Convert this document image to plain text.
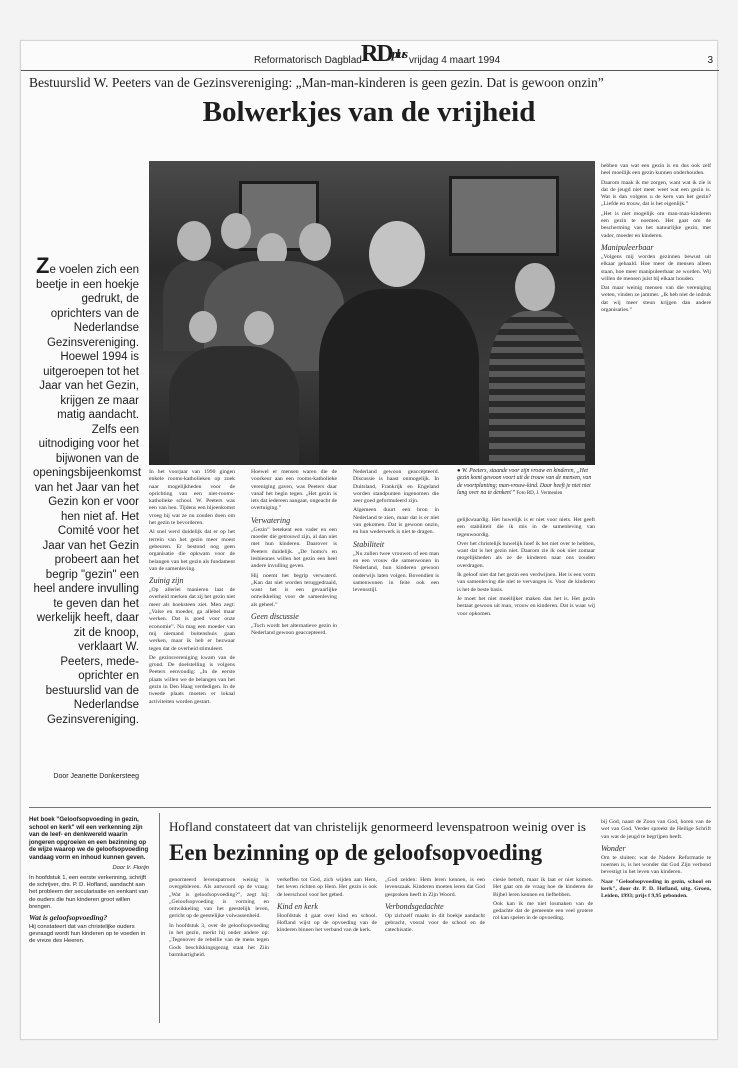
Reformatorisch Dagblad RDplus vrijdag 4 maart 1994	3
Bestuurslid W. Peeters van de Gezinsvereniging: „Man-man-kinderen is geen gezin. Dat is gewoon onzin”
Bolwerkjes van de vrijheid
Ze voelen zich een beetje in een hoekje gedrukt, de oprichters van de Nederlandse Gezinsvereniging. Hoewel 1994 is uitgeroepen tot het Jaar van het Gezin, krijgen ze maar matig aandacht. Zelfs een uitnodiging voor het bijwonen van de openingsbijeenkomst van het Jaar van het Gezin kon er voor hen niet af. Het Comité voor het Jaar van het Gezin probeert aan het begrip "gezin" een heel andere invulling te geven dan het werkelijk heeft, daar zit de knoop, verklaart W. Peeters, mede-oprichter en bestuurslid van de Nederlandse Gezinsvereniging.
Door Jeanette Donkersteeg

In het voorjaar van 1990 gingen enkele rooms-katholieken op zoek naar mogelijkheden voor de oprichting van een niet-rooms-katholieke school. W. Peeters was een van hen. Tijdens een bijeenkomst vroeg hij wat ze nu zouden doen om het gezin te bevorderen.

Al snel werd duidelijk dat er op het terrein van het gezin meer moest gebeuren. Er bestond nog geen organisatie die opkwam voor de belangen van het gezin als fundament van de samenleving.

Zuinig zijn

„Op allerlei manieren laat de overheid merken dat zij het gezin niet meer als hoeksteen ziet. Men zegt: „Valse en moeder, ga allebei maar werken. Dat is goed voor onze economie”. Na mag een moeder van mij niemand buitenshuis gaan werken, maar ik heb er bezwaar tegen dat de overheid stimuleert.

De gezinsvereniging kwam van de grond. De doelstelling is volgens Peeters eenvoudig: „In de eerste plaats willen we de belangen van het gezin in Den Haag verdedigen. In de tweede plaats moeten er lokaal activiteiten worden gestart.

Hoewel er mensen waren die de voorkeur aan een rooms-katholieke vereniging gaven, was Peeters daar vanaf het begin tegen. „Het gezin is iets dat iedereen aangaat, ongeacht de overtuiging.”

Verwatering

„Gezin” betekent een vader en een moeder die getrouwd zijn, al dan niet met hun kinderen. Daarover is Peeters duidelijk. „De homo's en lesbiennes willen het gezin een heel andere invulling geven.

Hij noemt het begrip verwaterd. „Kan dat niet worden teruggedraaid, want het is een gevaarlijke ontwikkeling voor de samenleving als geheel.”

Geen discussie

„Toch wordt het alternatieve gezin in Nederland gewoon geaccepteerd.

Nederland gewoon geaccepteerd. Discussie is haast onmogelijk. In Duitsland, Frankrijk en Engeland worden standpunten ingenomen die zeer goed geformuleerd zijn.

Algemeen duurt een bron in Nederland te zien, maar dat is er niet van gekomen. Dat is gewoon onzin, en hun wederwerk is niet te dragen.

Stabiliteit

„Nu zullen twee vrouwen of een man en een vrouw die samenwonen in Nederland, hun kinderen gewoon onderwijs laten volgen. Bovendien is samenwonen in feite ook een levensstijl.

● W. Peeters, staande voor zijn vrouw en kinderen, „Het gezin komt gewoon voort uit de trouw van de mensen, van de voortplanting; man-vrouw-kind. Daar heeft je niet niet lang over na te denken!” Foto RD, J. Vermeulen

gelijkwaardig. Het huwelijk is er niet voor niets. Het geeft een stabiliteit die ik mis in de samenleving van tegenwoordig.

Over het christelijk huwelijk hoef ik het niet over te hebben, want dat is het gezin niet. Daarom zie ik ook niet zomaar mogelijkheden als ze de kinderen naar ons zouden overdragen.

Ik geloof niet dat het gezin een verdwijnen. Het is een vorm van samenleving die niet te vervangen is. Voor de kinderen is het de beste basis.

Je moet het niet moeilijker maken dan het is. Het gezin bestaat gewoon uit man, vrouw en kinderen. Dat is waar wij voor opkomen.

hebben van wat een gezin is en dus ook zelf heel moeilijk een gezin kunnen onderhouden.

Daarom maak ik me zorgen, want wat ik zie is dat de jeugd niet meer weet wat een gezin is. Wat is dan volgens u de kern van het gezin? „Liefde en trouw, dat is het eigenlijk.”

„Het is niet mogelijk om man-man-kinderen een gezin te noemen. Het gaat om de bescherming van het natuurlijke gezin, met vader, moeder en kinderen.

Manipuleerbaar

„Volgens mij worden gezinnen bewust uit elkaar gehaald. Hoe meer de mensen alleen staan, hoe meer manipuleerbaar ze worden. Wij willen de mensen juist bij elkaar houden.

Dat maar weinig mensen van die vereniging weten, vinden ze jammer. „Ik heb niet de indruk dat wij meer steun krijgen dan andere organisaties.”

Het boek "Geloofsopvoeding in gezin, school en kerk" wil een verkenning zijn van de leef- en denkwereld waarin jongeren opgroeien en een bezinning op de wijze waarop we de geloofsopvoeding vandaag vorm en inhoud kunnen geven.

Door Ir. Florijn

In hoofdstuk 1, een eerste verkenning, schrijft de schrijver, drs. P. D. Hofland, aandacht aan het probleem der secularisatie en eenkant van de ouders die hun kinderen groot willen brengen.

Wat is geloofsopvoeding?

Hij constateert dat van christelijke ouders gevraagd wordt hun kinderen op te voeden in de vreze des Heeren.

Hofland constateert dat van christelijk genormeerd levenspatroon weinig over is
Een bezinning op de geloofsopvoeding

genormeerd levenspatroon weinig is overgebleven. Als antwoord op de vraag: „Wat is geloofsopvoeding?”, zegt hij: „Geloofsopvoeding is vorming en ontwikkeling van het geestelijk leven, gericht op de geestelijke volwassenheid.

In hoofdstuk 3, over de geloofsopvoeding in het gezin, merkt hij onder andere op: „Tegenover de rebellie van de mens tegen Gods beschikkingsgezag staat het Ziin barmhartigheid.

verkeffen tot God, zich wijden aan Hem, het leven richten op Hem. Het gezin is ook de leerschool voor het gebed.

Kind en kerk

Hoofdstuk 4 gaat over kind en school. Hofland wijst op de opvoeding van de kinderen binnen het verband van de kerk.

„God zeiden: Hem leren kennen, is een levenszaak. Kinderen moeten leren dat God gesproken heeft in Zijn Woord.

Verbondsgedachte

Op zichzelf maakt in dit boekje aandacht gebracht, vooral voor de school en de catechisatie.

ciesie betreft, maar ik laat er niet komen. Het gaat om de vraag hoe de kinderen de Bijbel leren kennen en liefhebben.

Ook kan ik me niet losmaken van de gedachte dat de gemeente een veel grotere rol kan spelen in de opvoeding.

bij God, naast de Zoon van God, horen van de wet van God. Verder spreekt de Heilige Schrift van wat de jeugd te begrijpen heeft.

Wonder

Om te sluiten: wat de Nadere Reformatie te noemen is, is het wonder dat God Zijn verbond bevestigt in het leven van kinderen.

Naar "Geloofsopvoeding in gezin, school en kerk", door dr. P. D. Hofland, uitg. Groen, Leiden, 1993; prijs f 9,95 gebonden.
